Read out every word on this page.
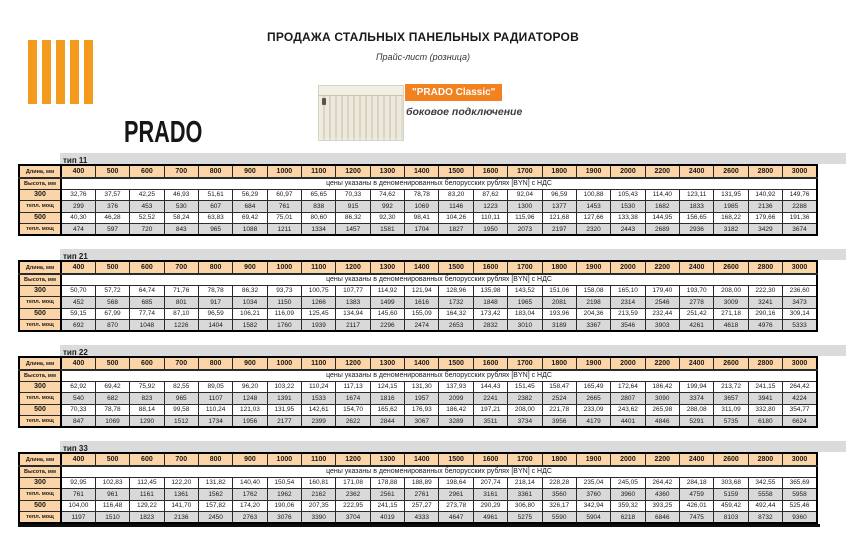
ПРОДАЖА СТАЛЬНЫХ ПАНЕЛЬНЫХ РАДИАТОРОВ
Прайс-лист (розница)
PRADO
"PRADO Classic"
боковое подключение
тип 11
Длина, мм	400	500	600	700	800	900	1000	1100	1200	1300	1400	1500	1600	1700	1800	1900	2000	2200	2400	2600	2800	3000
Высота, мм	цены указаны в деноменированных белорусских рублях [BYN] с НДС																					
300	32,76	37,57	42,25	46,93	51,61	56,29	60,97	65,65	70,33	74,62	78,78	83,20	87,62	92,04	96,59	100,88	105,43	114,40	123,11	131,95	140,92	149,76
тепл. мощ	299	376	453	530	607	684	761	838	915	992	1069	1146	1223	1300	1377	1453	1530	1682	1833	1985	2136	2288
500	40,30	46,28	52,52	58,24	63,83	69,42	75,01	80,60	86,32	92,30	98,41	104,26	110,11	115,96	121,68	127,66	133,38	144,95	156,65	168,22	179,66	191,36
тепл. мощ	474	597	720	843	965	1088	1211	1334	1457	1581	1704	1827	1950	2073	2197	2320	2443	2689	2936	3182	3429	3674
тип 21
Длина, мм	400	500	600	700	800	900	1000	1100	1200	1300	1400	1500	1600	1700	1800	1900	2000	2200	2400	2600	2800	3000
Высота, мм	цены указаны в деноменированных белорусских рублях [BYN] с НДС																					
300	50,70	57,72	64,74	71,76	78,78	86,32	93,73	100,75	107,77	114,92	121,94	128,96	135,98	143,52	151,06	158,08	165,10	179,40	193,70	208,00	222,30	236,60
тепл. мощ	452	568	685	801	917	1034	1150	1266	1383	1499	1616	1732	1848	1965	2081	2198	2314	2546	2778	3009	3241	3473
500	59,15	67,99	77,74	87,10	96,59	106,21	116,09	125,45	134,94	145,60	155,09	164,32	173,42	183,04	193,96	204,36	213,59	232,44	251,42	271,18	290,16	309,14
тепл. мощ	692	870	1048	1226	1404	1582	1760	1939	2117	2296	2474	2653	2832	3010	3189	3367	3546	3903	4261	4618	4976	5333
тип 22
Длина, мм	400	500	600	700	800	900	1000	1100	1200	1300	1400	1500	1600	1700	1800	1900	2000	2200	2400	2600	2800	3000
Высота, мм	цены указаны в деноменированных белорусских рублях [BYN] с НДС																					
300	62,92	69,42	75,92	82,55	89,05	96,20	103,22	110,24	117,13	124,15	131,30	137,93	144,43	151,45	158,47	165,49	172,64	186,42	199,94	213,72	241,15	264,42
тепл. мощ	540	682	823	965	1107	1248	1391	1533	1674	1816	1957	2099	2241	2382	2524	2665	2807	3090	3374	3657	3941	4224
500	70,33	78,78	88,14	99,58	110,24	121,03	131,95	142,61	154,70	165,62	176,93	186,42	197,21	208,00	221,78	233,09	243,62	265,98	288,08	311,09	332,80	354,77
тепл. мощ	847	1069	1290	1512	1734	1956	2177	2399	2622	2844	3067	3289	3511	3734	3956	4179	4401	4846	5291	5735	6180	6624
тип 33
Длина, мм	400	500	600	700	800	900	1000	1100	1200	1300	1400	1500	1600	1700	1800	1900	2000	2200	2400	2600	2800	3000
Высота, мм	цены указаны в деноменированных белорусских рублях [BYN] с НДС																					
300	92,95	102,83	112,45	122,20	131,82	140,40	150,54	160,81	171,08	178,88	188,89	198,64	207,74	218,14	228,28	235,04	245,05	264,42	284,18	303,68	342,55	365,69
тепл. мощ	761	961	1161	1361	1562	1762	1962	2162	2362	2561	2761	2961	3161	3361	3560	3760	3960	4360	4759	5159	5558	5958
500	104,00	116,48	129,22	141,70	157,82	174,20	190,06	207,35	222,95	241,15	257,27	273,78	290,29	306,80	326,17	342,94	359,32	393,25	426,01	459,42	492,44	525,46
тепл. мощ	1197	1510	1823	2136	2450	2763	3076	3390	3704	4019	4333	4647	4961	5275	5590	5904	6218	6846	7475	8103	8732	9360
